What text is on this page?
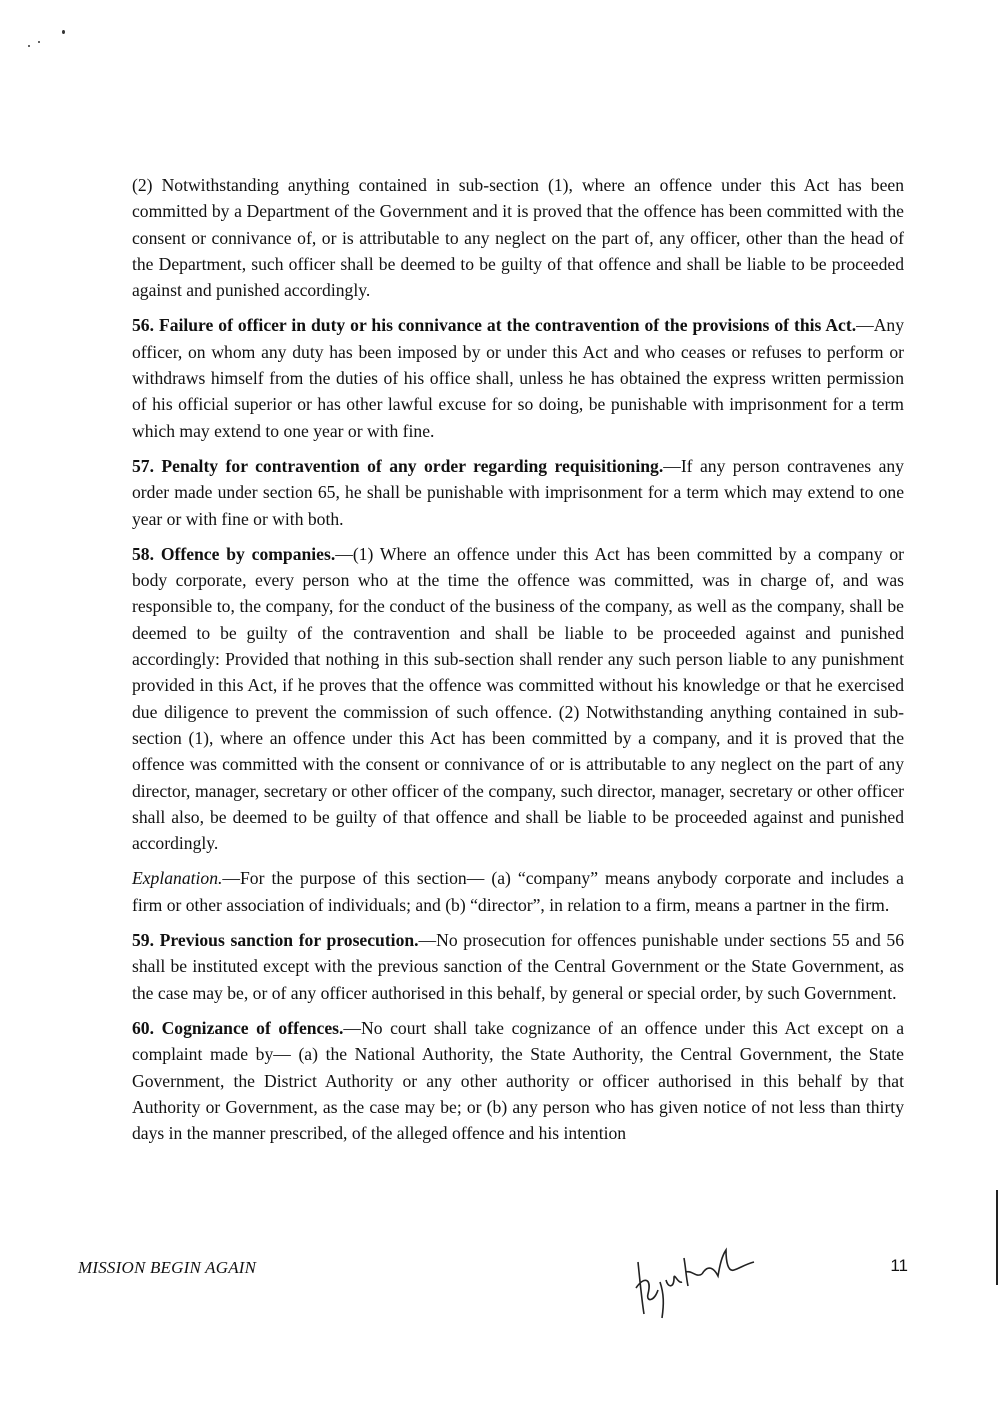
(2) Notwithstanding anything contained in sub-section (1), where an offence under this Act has been committed by a Department of the Government and it is proved that the offence has been committed with the consent or connivance of, or is attributable to any neglect on the part of, any officer, other than the head of the Department, such officer shall be deemed to be guilty of that offence and shall be liable to be proceeded against and punished accordingly.

56. Failure of officer in duty or his connivance at the contravention of the provisions of this Act.—Any officer, on whom any duty has been imposed by or under this Act and who ceases or refuses to perform or withdraws himself from the duties of his office shall, unless he has obtained the express written permission of his official superior or has other lawful excuse for so doing, be punishable with imprisonment for a term which may extend to one year or with fine.

57. Penalty for contravention of any order regarding requisitioning.—If any person contravenes any order made under section 65, he shall be punishable with imprisonment for a term which may extend to one year or with fine or with both.

58. Offence by companies.—(1) Where an offence under this Act has been committed by a company or body corporate, every person who at the time the offence was committed, was in charge of, and was responsible to, the company, for the conduct of the business of the company, as well as the company, shall be deemed to be guilty of the contravention and shall be liable to be proceeded against and punished accordingly: Provided that nothing in this sub-section shall render any such person liable to any punishment provided in this Act, if he proves that the offence was committed without his knowledge or that he exercised due diligence to prevent the commission of such offence. (2) Notwithstanding anything contained in sub-section (1), where an offence under this Act has been committed by a company, and it is proved that the offence was committed with the consent or connivance of or is attributable to any neglect on the part of any director, manager, secretary or other officer of the company, such director, manager, secretary or other officer shall also, be deemed to be guilty of that offence and shall be liable to be proceeded against and punished accordingly.

Explanation.—For the purpose of this section— (a) “company” means anybody corporate and includes a firm or other association of individuals; and (b) “director”, in relation to a firm, means a partner in the firm.

59. Previous sanction for prosecution.—No prosecution for offences punishable under sections 55 and 56 shall be instituted except with the previous sanction of the Central Government or the State Government, as the case may be, or of any officer authorised in this behalf, by general or special order, by such Government.

60. Cognizance of offences.—No court shall take cognizance of an offence under this Act except on a complaint made by— (a) the National Authority, the State Authority, the Central Government, the State Government, the District Authority or any other authority or officer authorised in this behalf by that Authority or Government, as the case may be; or (b) any person who has given notice of not less than thirty days in the manner prescribed, of the alleged offence and his intention

MISSION BEGIN AGAIN	11
